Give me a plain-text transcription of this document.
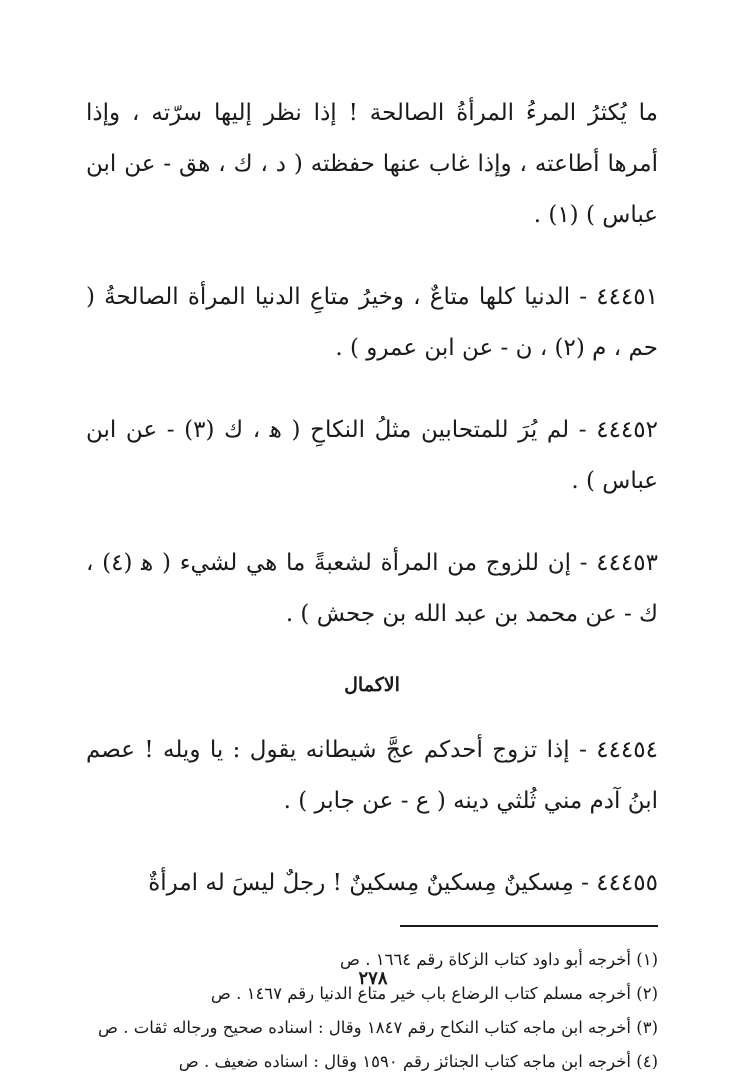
ما يُكثرُ المرءُ المرأةُ الصالحة ! إذا نظر إليها سرّته ، وإذا أمرها أطاعته ، وإذا غاب عنها حفظته ( د ، ك ، هق - عن ابن عباس ) (١) .

٤٤٤٥١ - الدنيا كلها متاعٌ ، وخيرُ متاعِ الدنيا المرأة الصالحةُ ( حم ، م (٢) ، ن - عن ابن عمرو ) .

٤٤٤٥٢ - لم يُرَ للمتحابين مثلُ النكاحِ ( ﻫ ، ك (٣) - عن ابن عباس ) .

٤٤٤٥٣ - إن للزوج من المرأة لشعبةً ما هي لشيء ( ﻫ (٤) ، ك - عن محمد بن عبد الله بن جحش ) .

الاكمال

٤٤٤٥٤ - إذا تزوج أحدكم عجَّ شيطانه يقول : يا ويله ! عصم ابنُ آدم مني ثُلثي دينه ( ع - عن جابر ) .

٤٤٤٥٥ - مِسكينٌ مِسكينٌ مِسكينٌ ! رجلٌ ليسَ له امرأةٌ

(١) أخرجه أبو داود كتاب الزكاة رقم ١٦٦٤ . ص
(٢) أخرجه مسلم كتاب الرضاع باب خير متاع الدنيا رقم ١٤٦٧ . ص
(٣) أخرجه ابن ماجه كتاب النكاح رقم ١٨٤٧ وقال : اسناده صحيح ورجاله ثقات . ص
(٤) أخرجه ابن ماجه كتاب الجنائز رقم ١٥٩٠ وقال : اسناده ضعيف . ص
٢٧٨
